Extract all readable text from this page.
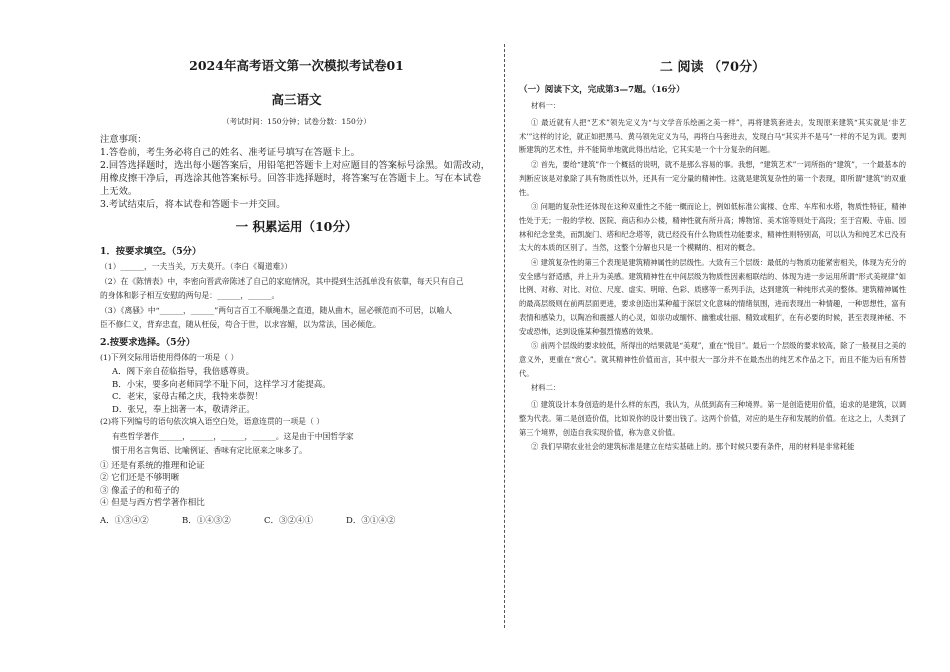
2024年高考语文第一次模拟考试卷01
高三语文
（考试时间：150分钟；试卷分数：150分）

注意事项：

1.答卷前，考生务必将自己的姓名、准考证号填写在答题卡上。

2.回答选择题时，选出每小题答案后，用铅笔把答题卡上对应题目的答案标号涂黑。如需改动，

用橡皮擦干净后，再选涂其他答案标号。回答非选择题时，将答案写在答题卡上。写在本试卷

上无效。

3.考试结束后，将本试卷和答题卡一并交回。

一 积累运用（10分）
1．按要求填空。（5分）

（1）______，一夫当关，万夫莫开。（李白《蜀道难》）

（2）在《陈情表》中，李密向晋武帝陈述了自己的家庭情况，其中提到生活孤单没有依靠，每天只有自己

的身体和影子相互安慰的两句是：______，______。

（3）《离骚》中“______，______”两句言百工不顺绳墨之直道，随从曲木，屈必顿范而不可居，以喻人

臣不修仁义，背弃忠直，随从枉佞，苟合于世，以求容媚，以为常法，国必倾危。

2.按要求选择。（5分）

(1)下列交际用语使用得体的一项是（ ）

A．阁下亲自莅临指导，我倍感尊贵。

B．小宋，要多向老师同学不耻下问，这样学习才能提高。

C．老宋，家母古稀之庆，我特来恭贺！

D．张兄，奉上拙著一本，敬请斧正。

(2)将下列编号的语句依次填入语空白处，语意连贯的一项是（ ）

有些哲学著作______，______，______，______。这是由于中国哲学家

惯于用名言隽语、比喻例证、香味有定比原来之味多了。

① 还是有系统的推理和论证

② 它们还是不够明晰

③ 像孟子的和荀子的

④ 但是与西方哲学著作相比

A．①③④②	B．①④③②	C．③②④①	D．③①④②
二 阅读 （70分）
（一）阅读下文，完成第3—7题。（16分）
材料一：

① 最近就有人把“艺术”领先定义为“与文学音乐绘画之美一样”，再将建筑套进去，发现原来建筑“其实就是‘非艺术’”这样的讨论，就正如把黑马、黄马领先定义为马，再将白马套进去，发现白马“其实并不是马”一样的不足为训。要判断建筑的艺术性，并不能简单地就此得出结论，它其实是一个十分复杂的问题。

② 首先，要给“建筑”作一个概括的说明，就不是那么容易的事。我想，“建筑艺术”一词所指的“建筑”，一个最基本的判断应该是对象除了具有物质性以外，还具有一定分量的精神性。这就是建筑复杂性的第一个表现，即所谓“建筑”的双重性。

③ 问题的复杂性还体现在这种双重性之不能一概而论上，例如低标准公寓楼、仓库、车库和水塔，物质性特征，精神性处于无；一般的学校、医院、商店和办公楼，精神性就有所升高；博物馆、美术馆等则处于高段；至于宫殿、寺庙、园林和纪念堂类，而凯旋门、塔和纪念塔等，就已经没有什么物质性功能要求，精神性则特别高，可以认为和纯艺术已没有太大的本质的区别了。当然，这整个分解也只是一个模糊的、相对的概念。

④ 建筑复杂性的第三个表现是建筑精神属性的层级性。大致有三个层级：最低的与物质功能紧密相关，体现为充分的安全感与舒适感，并上升为美感。建筑精神性在中间层级为物质性因素相联结的、体现为进一步运用所谓“形式美规律”如比例、对称、对比、对位、尺度、虚实、明暗、色彩、质感等一系列手法，达到建筑一种纯形式美的整体。建筑精神属性的最高层级则在前两层面更进，要求创造出某种蕴于深层文化意味的情绪氛围，进而表现出一种情趣，一种思想性，富有表情和感染力，以陶冶和震撼人的心灵，如崇功或缅怀、幽雅或壮丽、精致或粗犷，在有必要的时候，甚至表现神秘、不安或恐怖，达到设施某种强烈情感的效果。

⑤ 前两个层级的要求较低，所得出的结果就是“美观”，重在“悦目”。最后一个层级的要求较高，除了一般视目之美的意义外，更重在“赏心”。就其精神性价值而言，其中很大一部分并不在最杰出的纯艺术作品之下，而且不能为后有所替代。

材料二：

① 建筑设计本身创造的是什么样的东西，我认为，从低到高有三种境界。第一是创造使用价值，追求的是建筑，以调整为代表。第二是创造价值，比如说你的设计要出钱了。这两个价值，对应的是生存和发展的价值。在这之上，人类到了第三个境界，创造自我实现价值，称为意义价值。

② 我们早期农业社会的建筑标准是建立在结实基础上的。那个时候只要有条件，用的材料是非常耗能
